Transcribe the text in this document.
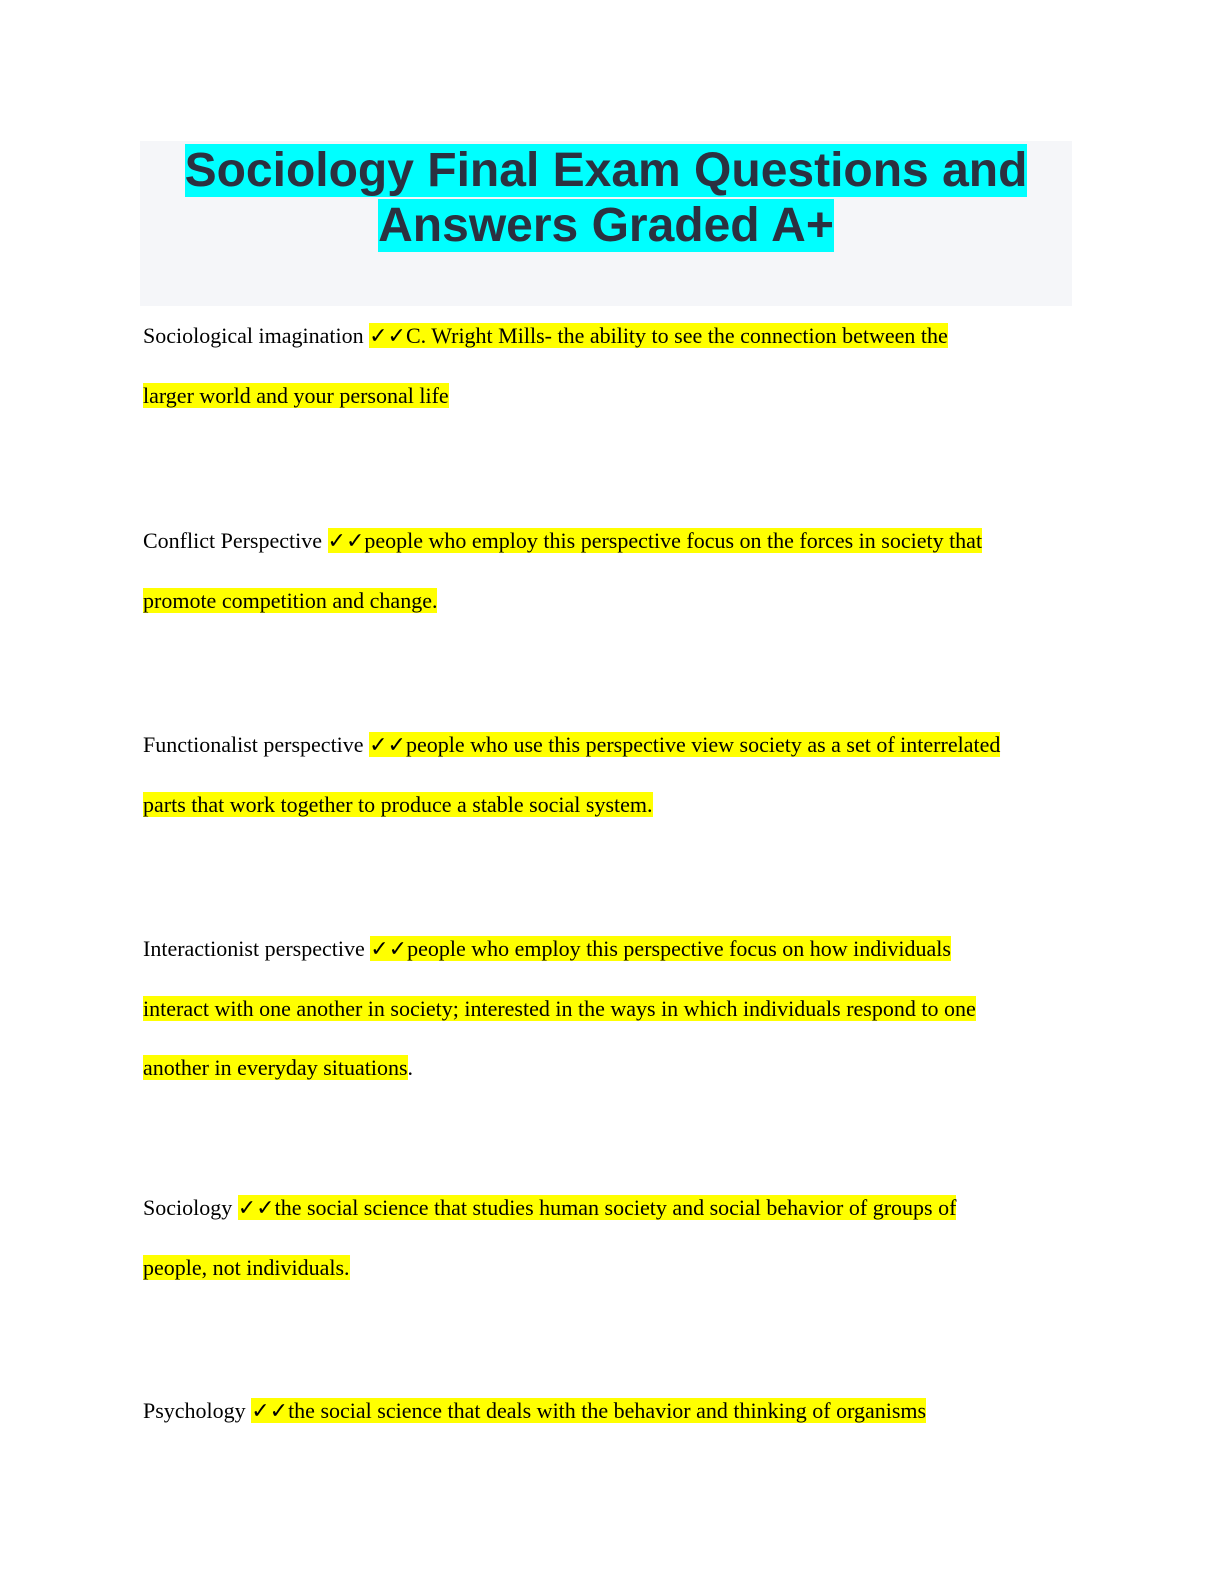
Sociology Final Exam Questions and
Answers Graded A+
Sociological imagination ✓✓C. Wright Mills- the ability to see the connection between the
larger world and your personal life
Conflict Perspective ✓✓people who employ this perspective focus on the forces in society that
promote competition and change.
Functionalist perspective ✓✓people who use this perspective view society as a set of interrelated
parts that work together to produce a stable social system.
Interactionist perspective ✓✓people who employ this perspective focus on how individuals
interact with one another in society; interested in the ways in which individuals respond to one
another in everyday situations.
Sociology ✓✓the social science that studies human society and social behavior of groups of
people, not individuals.
Psychology ✓✓the social science that deals with the behavior and thinking of organisms
